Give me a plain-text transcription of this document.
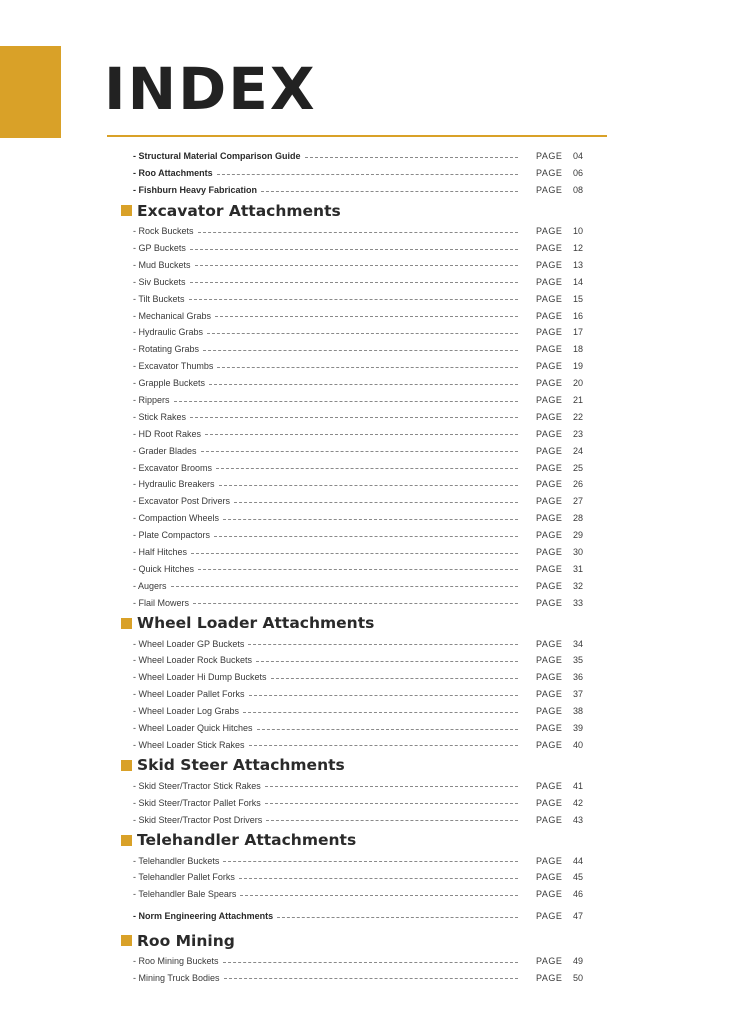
INDEX
- Structural Material Comparison Guide	PAGE	04
- Roo Attachments	PAGE	06
- Fishburn Heavy Fabrication	PAGE	08
Excavator Attachments
- Rock Buckets	PAGE	10
- GP Buckets	PAGE	12
- Mud Buckets	PAGE	13
- Siv Buckets	PAGE	14
- Tilt Buckets	PAGE	15
- Mechanical Grabs	PAGE	16
- Hydraulic Grabs	PAGE	17
- Rotating Grabs	PAGE	18
- Excavator Thumbs	PAGE	19
- Grapple Buckets	PAGE	20
- Rippers	PAGE	21
- Stick Rakes	PAGE	22
- HD Root Rakes	PAGE	23
- Grader Blades	PAGE	24
- Excavator Brooms	PAGE	25
- Hydraulic Breakers	PAGE	26
- Excavator Post Drivers	PAGE	27
- Compaction Wheels	PAGE	28
- Plate Compactors	PAGE	29
- Half Hitches	PAGE	30
- Quick Hitches	PAGE	31
- Augers	PAGE	32
- Flail Mowers	PAGE	33
Wheel Loader Attachments
- Wheel Loader GP Buckets	PAGE	34
- Wheel Loader Rock Buckets	PAGE	35
- Wheel Loader Hi Dump Buckets	PAGE	36
- Wheel Loader Pallet Forks	PAGE	37
- Wheel Loader Log Grabs	PAGE	38
- Wheel Loader Quick Hitches	PAGE	39
- Wheel Loader Stick Rakes	PAGE	40
Skid Steer Attachments
- Skid Steer/Tractor Stick Rakes	PAGE	41
- Skid Steer/Tractor Pallet Forks	PAGE	42
- Skid Steer/Tractor Post Drivers	PAGE	43
Telehandler Attachments
- Telehandler Buckets	PAGE	44
- Telehandler Pallet Forks	PAGE	45
- Telehandler Bale Spears	PAGE	46
- Norm Engineering Attachments	PAGE	47
Roo Mining
- Roo Mining Buckets	PAGE	49
- Mining Truck Bodies	PAGE	50
